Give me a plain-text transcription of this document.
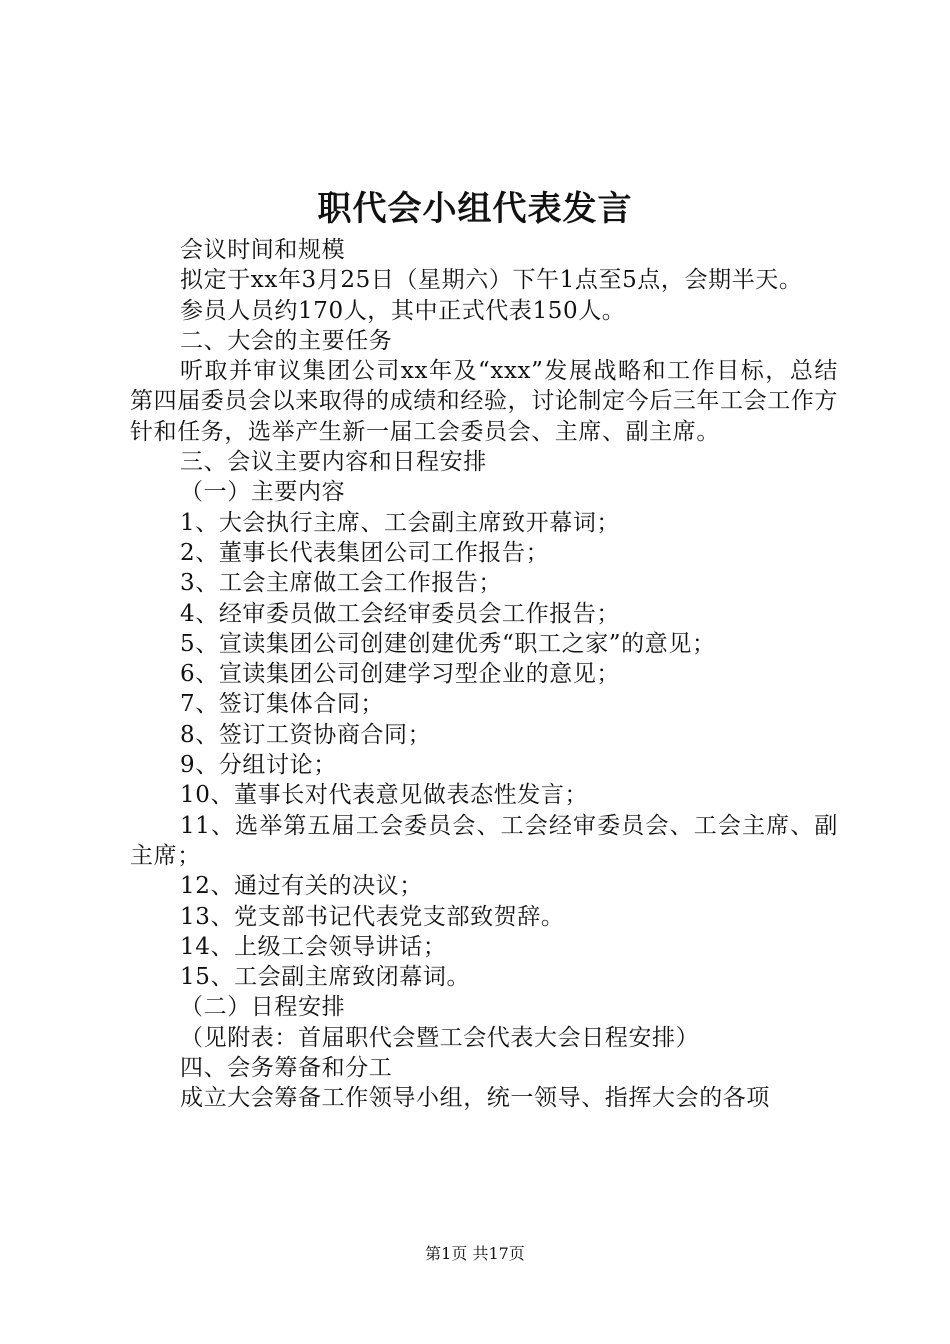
职代会小组代表发言

会议时间和规模

拟定于xx年3月25日（星期六）下午1点至5点，会期半天。

参员人员约170人，其中正式代表150人。

二、大会的主要任务

听取并审议集团公司xx年及“xxx”发展战略和工作目标，总结第四届委员会以来取得的成绩和经验，讨论制定今后三年工会工作方针和任务，选举产生新一届工会委员会、主席、副主席。

三、会议主要内容和日程安排

（一）主要内容

1、大会执行主席、工会副主席致开幕词；

2、董事长代表集团公司工作报告；

3、工会主席做工会工作报告；

4、经审委员做工会经审委员会工作报告；

5、宣读集团公司创建创建优秀“职工之家”的意见；

6、宣读集团公司创建学习型企业的意见；

7、签订集体合同；

8、签订工资协商合同；

9、分组讨论；

10、董事长对代表意见做表态性发言；

11、选举第五届工会委员会、工会经审委员会、工会主席、副主席；

12、通过有关的决议；

13、党支部书记代表党支部致贺辞。

14、上级工会领导讲话；

15、工会副主席致闭幕词。

（二）日程安排

（见附表：首届职代会暨工会代表大会日程安排）

四、会务筹备和分工

成立大会筹备工作领导小组，统一领导、指挥大会的各项

第1页 共17页
